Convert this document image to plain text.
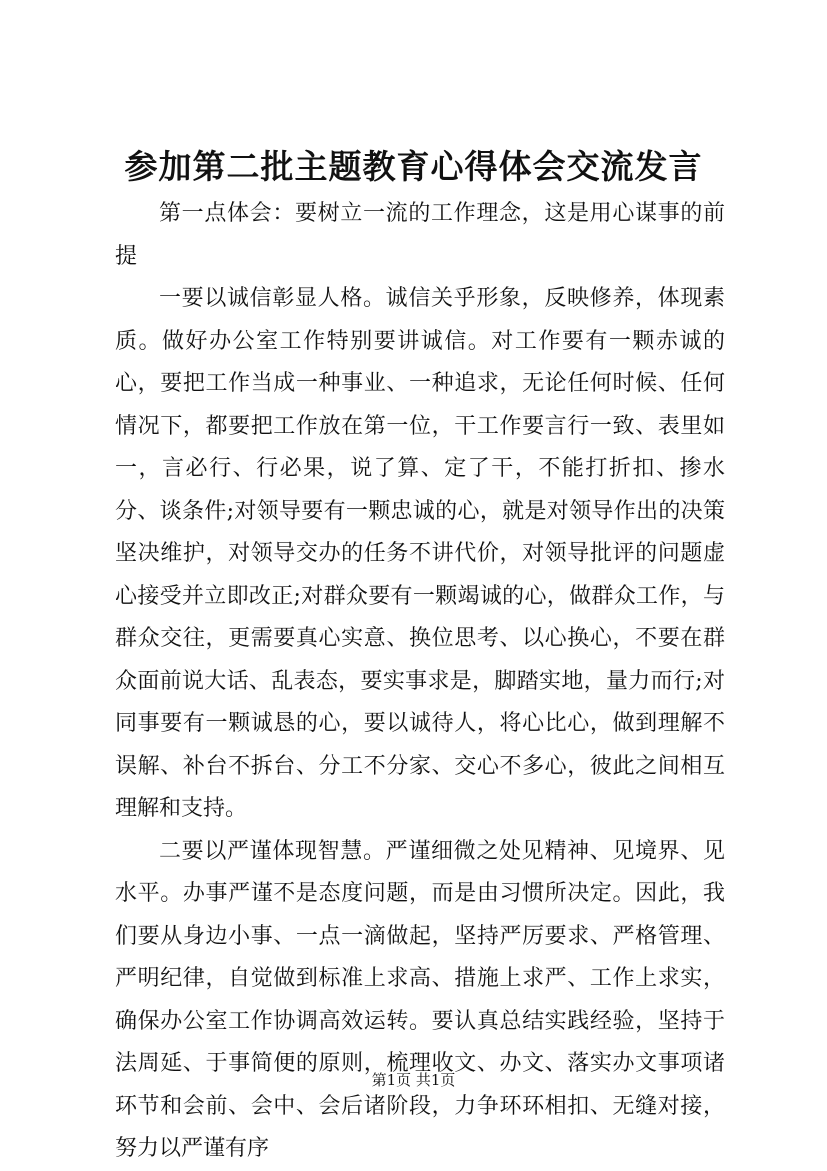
参加第二批主题教育心得体会交流发言

第一点体会：要树立一流的工作理念，这是用心谋事的前提

一要以诚信彰显人格。诚信关乎形象，反映修养，体现素质。做好办公室工作特别要讲诚信。对工作要有一颗赤诚的心，要把工作当成一种事业、一种追求，无论任何时候、任何情况下，都要把工作放在第一位，干工作要言行一致、表里如一，言必行、行必果，说了算、定了干，不能打折扣、掺水分、谈条件;对领导要有一颗忠诚的心，就是对领导作出的决策坚决维护，对领导交办的任务不讲代价，对领导批评的问题虚心接受并立即改正;对群众要有一颗竭诚的心，做群众工作，与群众交往，更需要真心实意、换位思考、以心换心，不要在群众面前说大话、乱表态，要实事求是，脚踏实地，量力而行;对同事要有一颗诚恳的心，要以诚待人，将心比心，做到理解不误解、补台不拆台、分工不分家、交心不多心，彼此之间相互理解和支持。

二要以严谨体现智慧。严谨细微之处见精神、见境界、见水平。办事严谨不是态度问题，而是由习惯所决定。因此，我们要从身边小事、一点一滴做起，坚持严厉要求、严格管理、严明纪律，自觉做到标准上求高、措施上求严、工作上求实，确保办公室工作协调高效运转。要认真总结实践经验，坚持于法周延、于事简便的原则，梳理收文、办文、落实办文事项诸环节和会前、会中、会后诸阶段，力争环环相扣、无缝对接，努力以严谨有序

第1页 共1页
